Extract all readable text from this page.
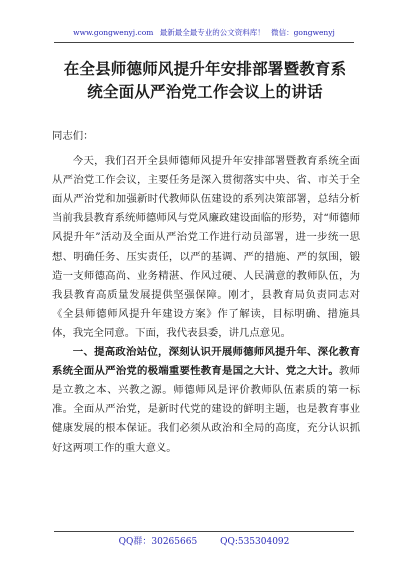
www.gongwenyj.com 最新最全最专业的公文资料库！ 微信：gongwenyj
在全县师德师风提升年安排部署暨教育系
统全面从严治党工作会议上的讲话

同志们：

今天，我们召开全县师德师风提升年安排部署暨教育系统全面从严治党工作会议，主要任务是深入贯彻落实中央、省、市关于全面从严治党和加强新时代教师队伍建设的系列决策部署，总结分析当前我县教育系统师德师风与党风廉政建设面临的形势，对“师德师风提升年”活动及全面从严治党工作进行动员部署，进一步统一思想、明确任务、压实责任，以严的基调、严的措施、严的氛围，锻造一支师德高尚、业务精湛、作风过硬、人民满意的教师队伍，为我县教育高质量发展提供坚强保障。刚才，县教育局负责同志对《全县师德师风提升年建设方案》作了解读，目标明确、措施具体，我完全同意。下面，我代表县委，讲几点意见。

一、提高政治站位，深刻认识开展师德师风提升年、深化教育系统全面从严治党的极端重要性教育是国之大计、党之大计。教师是立教之本、兴教之源。师德师风是评价教师队伍素质的第一标准。全面从严治党，是新时代党的建设的鲜明主题，也是教育事业健康发展的根本保证。我们必须从政治和全局的高度，充分认识抓好这两项工作的重大意义。

QQ群：30265665	QQ:535304092
